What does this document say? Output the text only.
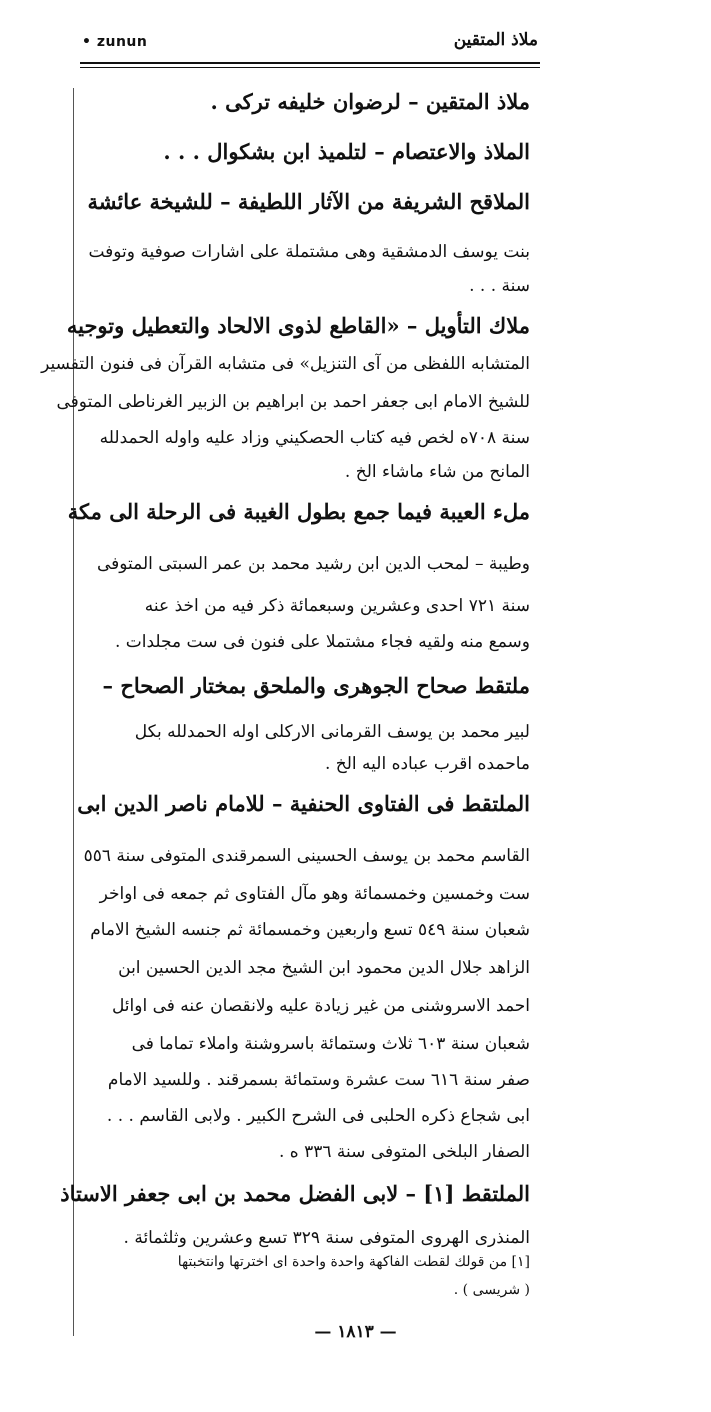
• zunun	ملاذ المتقين
ملاذ المتقين – لرضوان خليفه ترکی .
الملاذ والاعتصام – لتلميذ ابن بشكوال . . .
الملاقح الشريفة من الآثار اللطيفة – للشيخة عائشة
بنت يوسف الدمشقية وهى مشتملة على اشارات صوفية وتوفت
سنة . . .
ملاك التأويل – «القاطع لذوى الالحاد والتعطيل وتوجيه
المتشابه اللفظى من آى التنزيل» فى متشابه القرآن فى فنون التفسير
للشيخ الامام ابى جعفر احمد بن ابراهيم بن الزبير الغرناطى المتوفى
سنة ٧٠٨ه لخص فيه كتاب الحصكيني وزاد عليه واوله الحمدلله
المانح من شاء ماشاء الخ .
ملء العيبة فيما جمع بطول الغيبة فى الرحلة الى مكة
وطيبة – لمحب الدين ابن رشيد محمد بن عمر السبتى المتوفى
سنة ٧٢١ احدى وعشرين وسبعمائة ذكر فيه من اخذ عنه
وسمع منه ولقيه فجاء مشتملا على فنون فى ست مجلدات .
ملتقط صحاح الجوهرى والملحق بمختار الصحاح –
لبير محمد بن يوسف القرمانى الاركلى اوله الحمدلله بكل
ماحمده اقرب عباده اليه الخ .
الملتقط فى الفتاوى الحنفية – للامام ناصر الدين ابى
القاسم محمد بن يوسف الحسينى السمرقندى المتوفى سنة ٥٥٦
ست وخمسين وخمسمائة وهو مآل الفتاوى ثم جمعه فى اواخر
شعبان سنة ٥٤٩ تسع واربعين وخمسمائة ثم جنسه الشيخ الامام
الزاهد جلال الدين محمود ابن الشيخ مجد الدين الحسين ابن
احمد الاسروشنى من غير زيادة عليه ولانقصان عنه فى اوائل
شعبان سنة ٦٠٣ ثلاث وستمائة باسروشنة واملاء تماما فى
صفر سنة ٦١٦ ست عشرة وستمائة بسمرقند . وللسيد الامام
ابى شجاع ذكره الحلبى فى الشرح الكبير . ولابى القاسم . . .
الصفار البلخى المتوفى سنة ٣٣٦ ه .
الملتقط [١] – لابى الفضل محمد بن ابى جعفر الاستاذ
المنذرى الهروى المتوفى سنة ٣٢٩ تسع وعشرين وثلثمائة .
[١] من قولك لقطت الفاكهة واحدة واحدة اى اخترتها وانتخبتها
( شريسى ) .
— ١٨١٣ —
